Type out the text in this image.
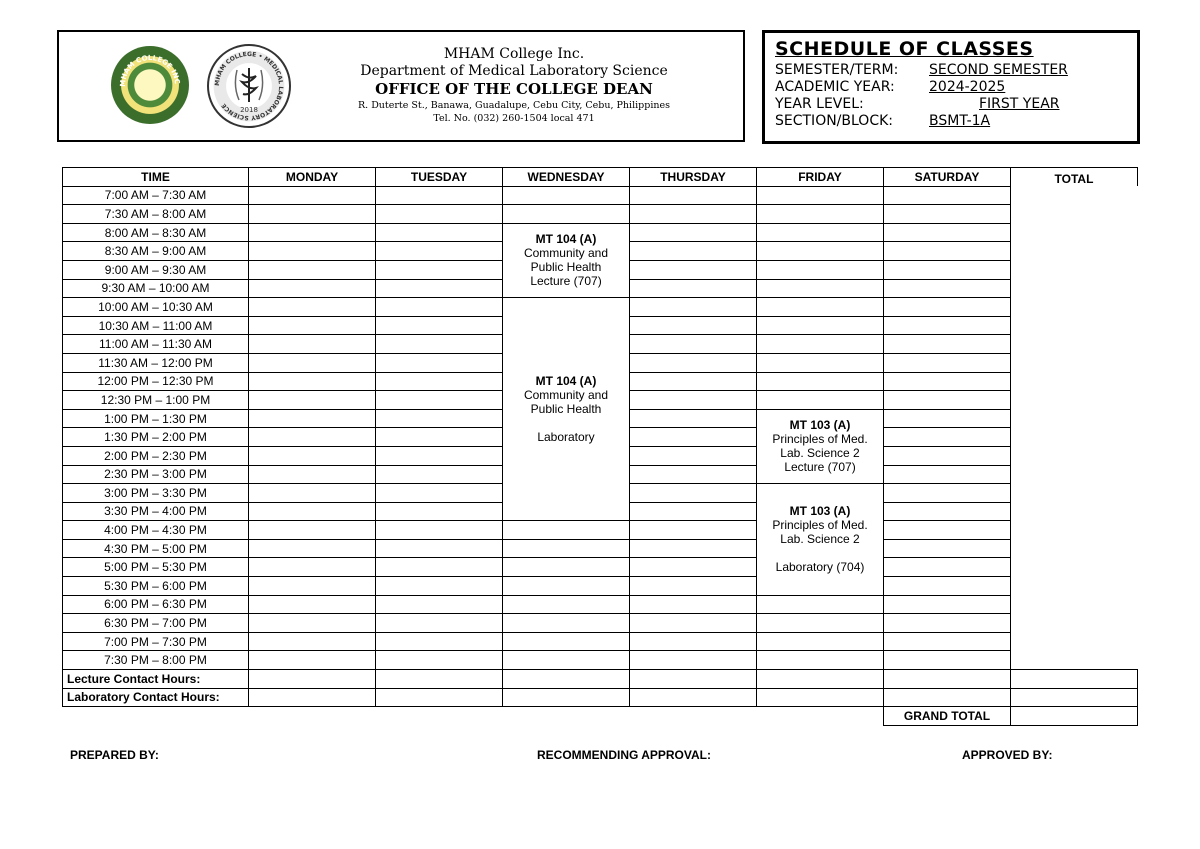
MHAM COLLEGE INC	MHAM COLLEGE • MEDICAL LABORATORY SCIENCE
2018
MHAM College Inc.
Department of Medical Laboratory Science
OFFICE OF THE COLLEGE DEAN
R. Duterte St., Banawa, Guadalupe, Cebu City, Cebu, Philippines
Tel. No. (032) 260-1504 local 471
SCHEDULE OF CLASSES
SEMESTER/TERM: SECOND SEMESTER
ACADEMIC YEAR: 2024-2025
YEAR LEVEL:	FIRST YEAR
SECTION/BLOCK:	BSMT-1A
TIME	MONDAY	TUESDAY	WEDNESDAY	THURSDAY	FRIDAY	SATURDAY	TOTAL
7:00 AM – 7:30 AM							
7:30 AM – 8:00 AM							
8:00 AM – 8:30 AM			MT 104 (A)
Community and
Public Health
Lecture (707)				

8:30 AM – 9:00 AM							
9:00 AM – 9:30 AM							
9:30 AM – 10:00 AM							
10:00 AM – 10:30 AM			MT 104 (A)
Community and
Public Health
Laboratory				

10:30 AM – 11:00 AM							
11:00 AM – 11:30 AM							
11:30 AM – 12:00 PM							
12:00 PM – 12:30 PM							
12:30 PM – 1:00 PM							
1:00 PM – 1:30 PM					MT 103 (A)
Principles of Med.
Lab. Science 2
Lecture (707)		

1:30 PM – 2:00 PM							
2:00 PM – 2:30 PM							
2:30 PM – 3:00 PM							
3:00 PM – 3:30 PM					MT 103 (A)
Principles of Med.
Lab. Science 2
Laboratory (704)		

3:30 PM – 4:00 PM							
4:00 PM – 4:30 PM							
4:30 PM – 5:00 PM							
5:00 PM – 5:30 PM							
5:30 PM – 6:00 PM							
6:00 PM – 6:30 PM							
6:30 PM – 7:00 PM							
7:00 PM – 7:30 PM							
7:30 PM – 8:00 PM							
Lecture Contact Hours:							
Laboratory Contact Hours:							
						GRAND TOTAL	
PREPARED BY:	RECOMMENDING APPROVAL:	APPROVED BY:
